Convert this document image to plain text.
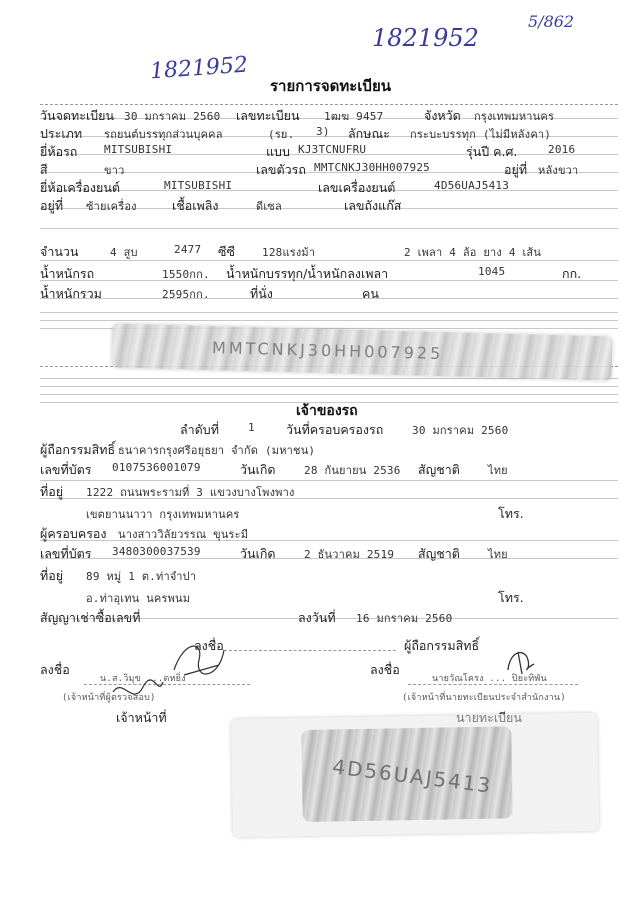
5/862
1821952
1821952
รายการจดทะเบียน
วันจดทะเบียน 30 มกราคม 2560 เลขทะเบียน 1ฒฆ 9457	จังหวัด กรุงเทพมหานคร
ประเภท รถยนต์บรรทุกส่วนบุคคล	(รย. 3) ลักษณะ กระบะบรรทุก (ไม่มีหลังคา)
ยี่ห้อรถ MITSUBISHI	แบบ KJ3TCNUFRU	รุ่นปี ค.ศ.	2016
สี	ขาว	เลขตัวรถ MMTCNKJ30HH007925	อยู่ที่ หลังขวา
ยี่ห้อเครื่องยนต์	MITSUBISHI	เลขเครื่องยนต์	4D56UAJ5413
อยู่ที่ ซ้ายเครื่อง	เชื้อเพลิง	ดีเซล	เลขถังแก๊ส
จำนวน	4 สูบ	2477 ซีซี 128แรงม้า	2 เพลา 4 ล้อ ยาง 4 เส้น
น้ำหนักรถ	1550กก. น้ำหนักบรรทุก/น้ำหนักลงเพลา	1045	กก.
น้ำหนักรวม	2595กก.	ที่นั่ง	คน
MMTCNKJ30HH007925
เจ้าของรถ
ลำดับที่	1 วันที่ครอบครองรถ	30 มกราคม 2560
ผู้ถือกรรมสิทธิ์ ธนาคารกรุงศรีอยุธยา จำกัด (มหาชน)
เลขที่บัตร 0107536001079	วันเกิด	28 กันยายน 2536 สัญชาติ	ไทย
ที่อยู่ 1222 ถนนพระรามที่ 3 แขวงบางโพงพาง
เขตยานนาวา กรุงเทพมหานคร	โทร.
ผู้ครอบครอง นางสาววิลัยวรรณ ขุนระมี
เลขที่บัตร 3480300037539	วันเกิด	2 ธันวาคม 2519 สัญชาติ	ไทย
ที่อยู่ 89 หมู่ 1 ต.ท่าจำปา
อ.ท่าอุเทน นครพนม	โทร.
สัญญาเช่าซื้อเลขที่	ลงวันที่ 16 มกราคม 2560
ลงชื่อ	ผู้ถือกรรมสิทธิ์
ลงชื่อ
น.ส.วิมุข ...ดหยิ่ง
(เจ้าหน้าที่ผู้ตรวจสอบ)
เจ้าหน้าที่
ลงชื่อ
นายวัณโครง ... ปิยะทิพัน
(เจ้าหน้าที่นายทะเบียนประจำสำนักงาน)
4D56UAJ5413
